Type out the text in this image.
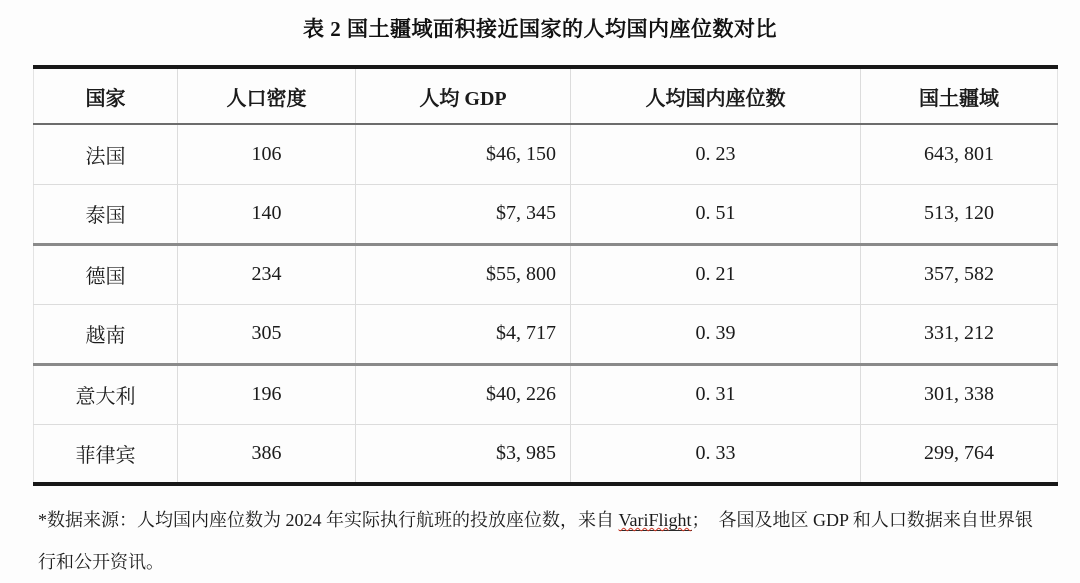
表 2 国土疆域面积接近国家的人均国内座位数对比
国家	人口密度	人均 GDP	人均国内座位数	国土疆域
法国	106	$46, 150	0. 23	643, 801
泰国	140	$7, 345	0. 51	513, 120
德国	234	$55, 800	0. 21	357, 582
越南	305	$4, 717	0. 39	331, 212
意大利	196	$40, 226	0. 31	301, 338
菲律宾	386	$3, 985	0. 33	299, 764
*数据来源：人均国内座位数为 2024 年实际执行航班的投放座位数，来自 VariFlight；  各国及地区 GDP 和人口数据来自世界银行和公开资讯。
